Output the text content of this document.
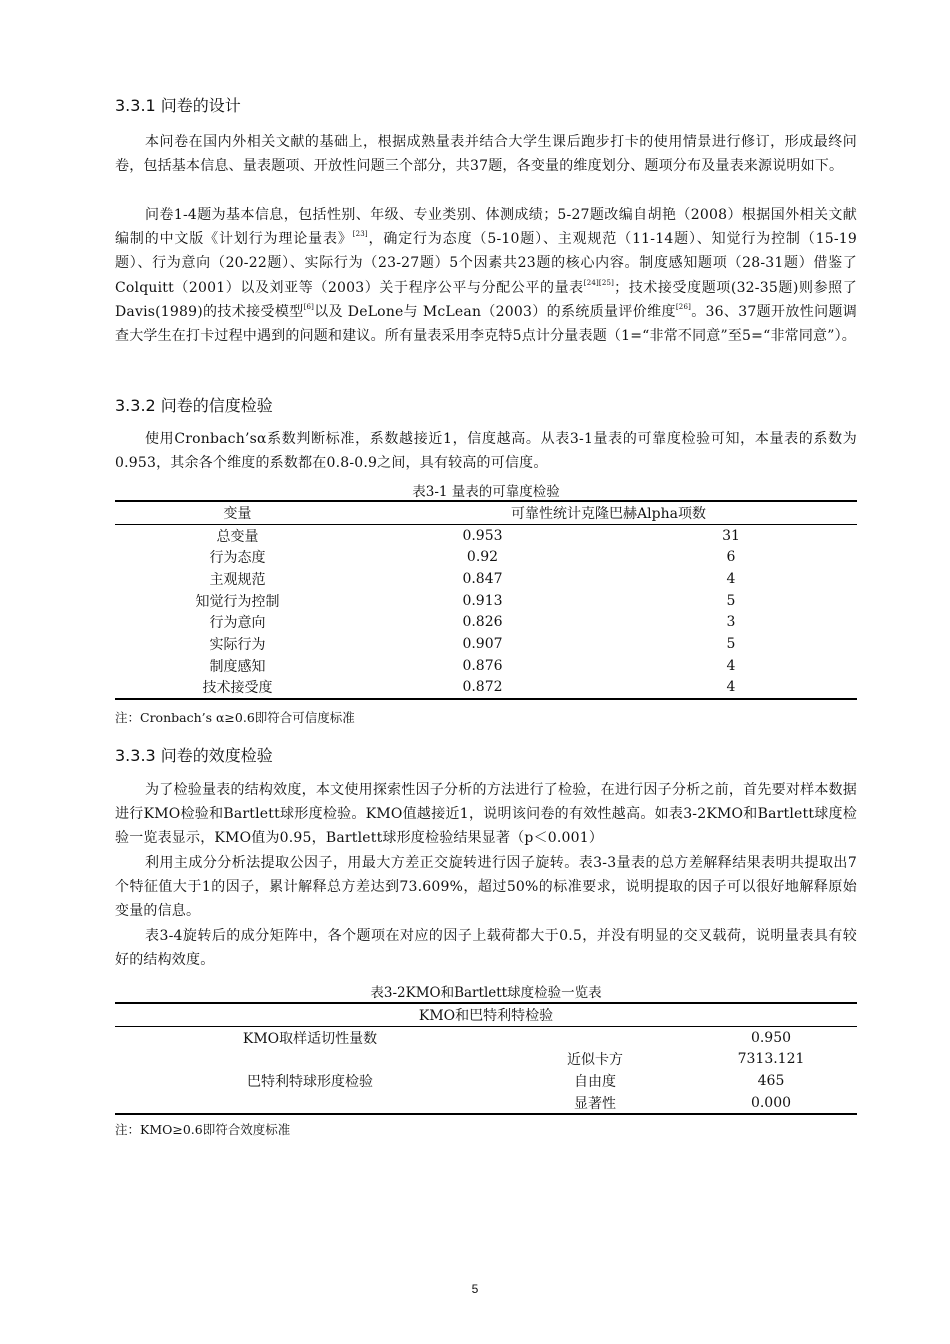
3.3.1 问卷的设计

本问卷在国内外相关文献的基础上，根据成熟量表并结合大学生课后跑步打卡的使用情景进行修订，形成最终问卷，包括基本信息、量表题项、开放性问题三个部分，共37题，各变量的维度划分、题项分布及量表来源说明如下。

问卷1-4题为基本信息，包括性别、年级、专业类别、体测成绩；5-27题改编自胡艳（2008）根据国外相关文献编制的中文版《计划行为理论量表》[23]，确定行为态度（5-10题）、主观规范（11-14题）、知觉行为控制（15-19题）、行为意向（20-22题）、实际行为（23-27题）5个因素共23题的核心内容。制度感知题项（28-31题）借鉴了 Colquitt（2001）以及刘亚等（2003）关于程序公平与分配公平的量表[24][25]；技术接受度题项(32-35题)则参照了 Davis(1989)的技术接受模型[6]以及 DeLone与 McLean（2003）的系统质量评价维度[26]。36、37题开放性问题调查大学生在打卡过程中遇到的问题和建议。所有量表采用李克特5点计分量表题（1=“非常不同意”至5=“非常同意”）。

3.3.2 问卷的信度检验

使用Cronbach’sα系数判断标准，系数越接近1，信度越高。从表3-1量表的可靠度检验可知，本量表的系数为0.953，其余各个维度的系数都在0.8-0.9之间，具有较高的可信度。

表3-1 量表的可靠度检验
变量	可靠性统计克隆巴赫Alpha项数	
总变量	0.953	31
行为态度	0.92	6
主观规范	0.847	4
知觉行为控制	0.913	5
行为意向	0.826	3
实际行为	0.907	5
制度感知	0.876	4
技术接受度	0.872	4
注：Cronbach’s α≥0.6即符合可信度标准
3.3.3 问卷的效度检验

为了检验量表的结构效度，本文使用探索性因子分析的方法进行了检验，在进行因子分析之前，首先要对样本数据进行KMO检验和Bartlett球形度检验。KMO值越接近1，说明该问卷的有效性越高。如表3-2KMO和Bartlett球度检验一览表显示，KMO值为0.95，Bartlett球形度检验结果显著（p＜0.001）

利用主成分分析法提取公因子，用最大方差正交旋转进行因子旋转。表3-3量表的总方差解释结果表明共提取出7个特征值大于1的因子，累计解释总方差达到73.609%，超过50%的标准要求，说明提取的因子可以很好地解释原始变量的信息。

表3-4旋转后的成分矩阵中，各个题项在对应的因子上载荷都大于0.5，并没有明显的交叉载荷，说明量表具有较好的结构效度。

表3-2KMO和Bartlett球度检验一览表
KMO和巴特利特检验		
KMO取样适切性量数		0.950
巴特利特球形度检验	近似卡方	7313.121
	自由度	465
	显著性	0.000
注：KMO≥0.6即符合效度标准
5
